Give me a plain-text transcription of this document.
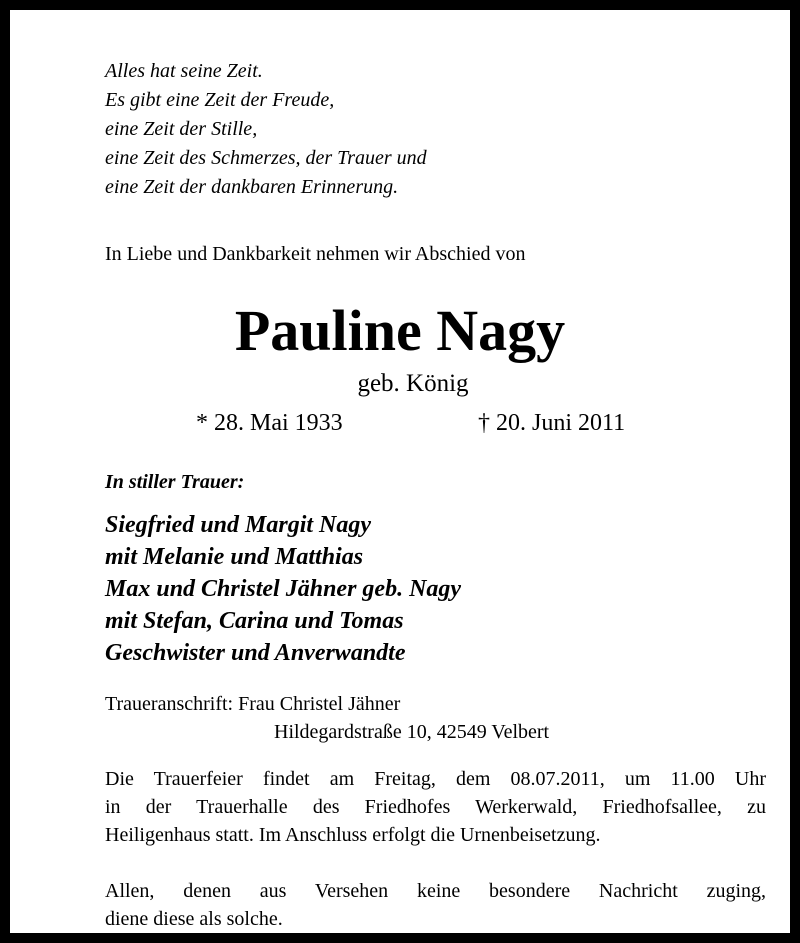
Alles hat seine Zeit.
Es gibt eine Zeit der Freude,
eine Zeit der Stille,
eine Zeit des Schmerzes, der Trauer und
eine Zeit der dankbaren Erinnerung.
In Liebe und Dankbarkeit nehmen wir Abschied von
Pauline Nagy
geb. König
* 28. Mai 1933	† 20. Juni 2011
In stiller Trauer:
Siegfried und Margit Nagy
mit Melanie und Matthias
Max und Christel Jähner geb. Nagy
mit Stefan, Carina und Tomas
Geschwister und Anverwandte
Traueranschrift: Frau Christel Jähner
Hildegardstraße 10, 42549 Velbert
Die Trauerfeier findet am Freitag, dem 08.07.2011, um 11.00 Uhr
in der Trauerhalle des Friedhofes Werkerwald, Friedhofsallee, zu
Heiligenhaus statt. Im Anschluss erfolgt die Urnenbeisetzung.
Allen, denen aus Versehen keine besondere Nachricht zuging,
diene diese als solche.
